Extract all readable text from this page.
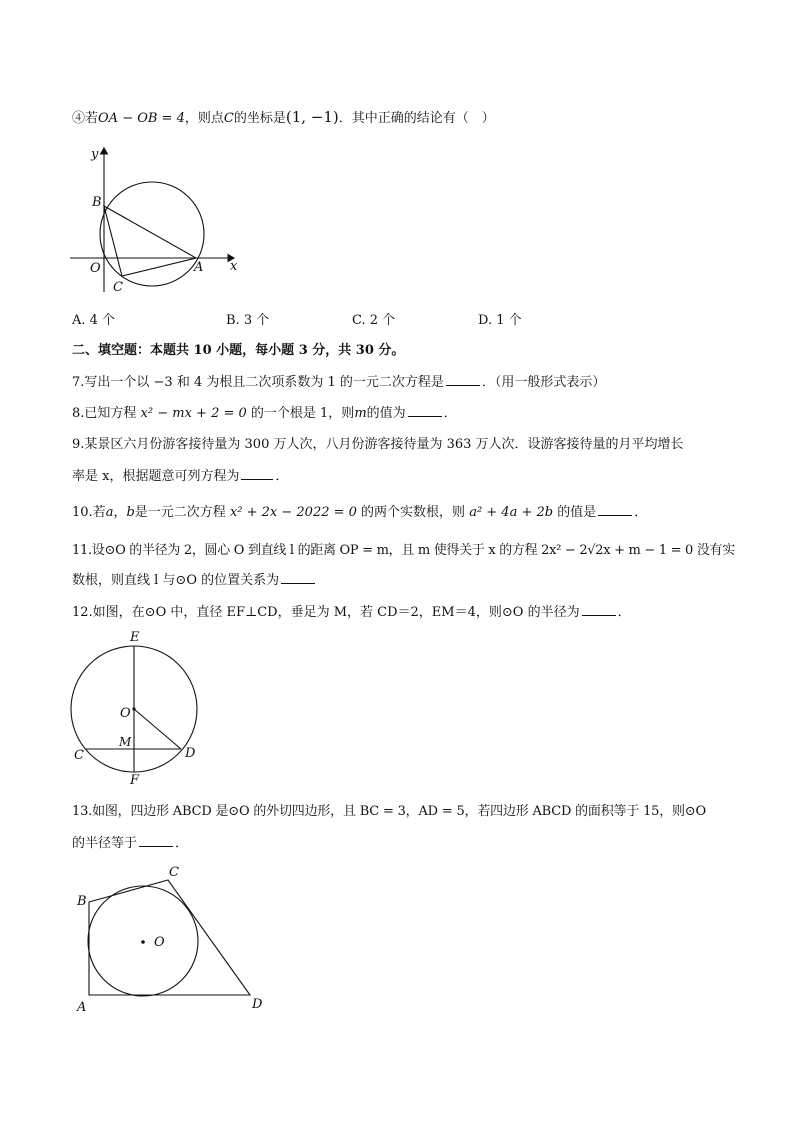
④若OA − OB = 4，则点C的坐标是(1, −1)．其中正确的结论有（　）
y
x
B
O
C
A
E
O
M
C	D
F
B
C
O
A	D
A. 4 个	B. 3 个	C. 2 个	D. 1 个
二、填空题：本题共 10 小题，每小题 3 分，共 30 分。
7.写出一个以 −3 和 4 为根且二次项系数为 1 的一元二次方程是	．（用一般形式表示）
8.已知方程 x² − mx + 2 = 0 的一个根是 1，则m的值为	．
9.某景区六月份游客接待量为 300 万人次，八月份游客接待量为 363 万人次．设游客接待量的月平均增长
率是 x，根据题意可列方程为	．
10.若a，b是一元二次方程 x² + 2x − 2022 = 0 的两个实数根，则 a² + 4a + 2b 的值是	．
11.设⊙O 的半径为 2，圆心 O 到直线 l 的距离 OP = m，且 m 使得关于 x 的方程 2x² − 2√2x + m − 1 = 0 没有实
数根，则直线 l 与⊙O 的位置关系为
12.如图，在⊙O 中，直径 EF⊥CD，垂足为 M，若 CD＝2，EM＝4，则⊙O 的半径为	．
13.如图，四边形 ABCD 是⊙O 的外切四边形，且 BC = 3，AD = 5，若四边形 ABCD 的面积等于 15，则⊙O
的半径等于	．
